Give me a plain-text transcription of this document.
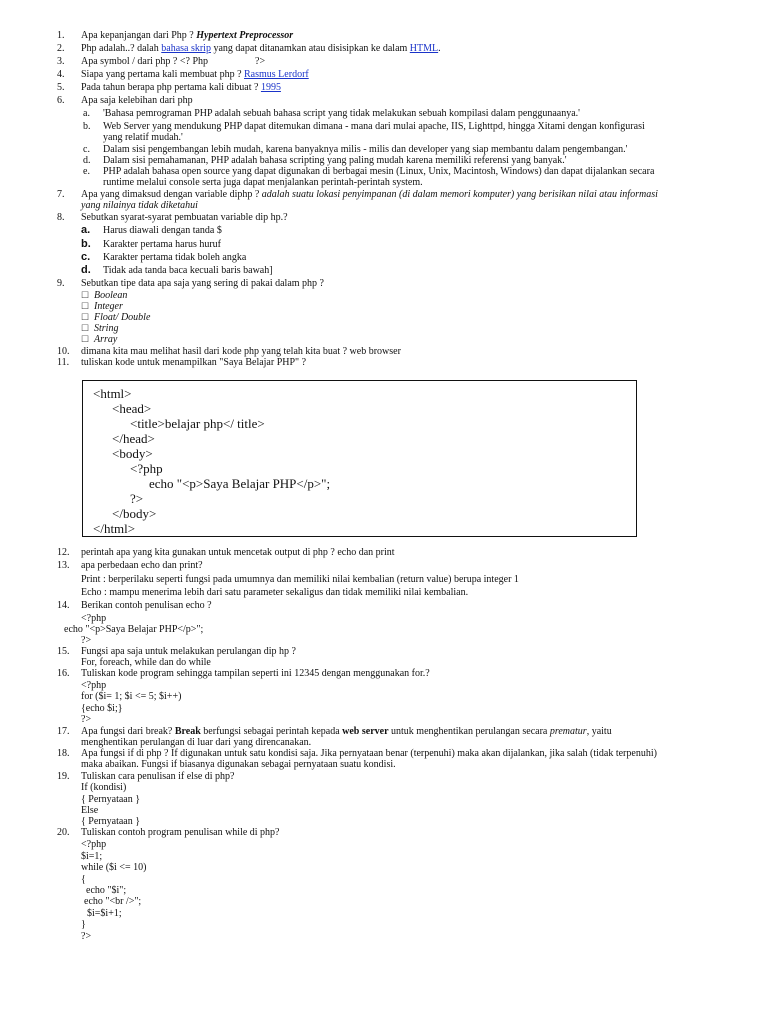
1.	Apa kepanjangan dari Php ? Hypertext Preprocessor
2.	Php adalah..? dalah bahasa skrip yang dapat ditanamkan atau disisipkan ke dalam HTML.
3.	Apa symbol / dari php ? <? Php	?>
4.	Siapa yang pertama kali membuat php ? Rasmus Lerdorf
5.	Pada tahun berapa php pertama kali dibuat ? 1995
6.	Apa saja kelebihan dari php
a.	'Bahasa pemrograman PHP adalah sebuah bahasa script yang tidak melakukan sebuah kompilasi dalam penggunaanya.'
b.	Web Server yang mendukung PHP dapat ditemukan dimana - mana dari mulai apache, IIS, Lighttpd, hingga Xitami dengan konfigurasi
yang relatif mudah.'
c.	Dalam sisi pengembangan lebih mudah, karena banyaknya milis - milis dan developer yang siap membantu dalam pengembangan.'
d.	Dalam sisi pemahamanan, PHP adalah bahasa scripting yang paling mudah karena memiliki referensi yang banyak.'
e.	PHP adalah bahasa open source yang dapat digunakan di berbagai mesin (Linux, Unix, Macintosh, Windows) dan dapat dijalankan secara
runtime melalui console serta juga dapat menjalankan perintah-perintah system.
7.	Apa yang dimaksud dengan variable diphp ? adalah suatu lokasi penyimpanan (di dalam memori komputer) yang berisikan nilai atau informasi
yang nilainya tidak diketahui
8.	Sebutkan syarat-syarat pembuatan variable dip hp.?
a.	Harus diawali dengan tanda $
b.	Karakter pertama harus huruf
c.	Karakter pertama tidak boleh angka
d.	Tidak ada tanda baca kecuali baris bawah]
9.	Sebutkan tipe data apa saja yang sering di pakai dalam php ?
☐ Boolean
☐ Integer
☐ Float/ Double
☐ String
☐ Array
10.	dimana kita mau melihat hasil dari kode php yang telah kita buat ? web browser
11.	tuliskan kode untuk menampilkan "Saya Belajar PHP" ?
<html>
<head>
<title>belajar php</ title>
</head>
<body>
<?php
echo "<p>Saya Belajar PHP</p>";
?>
</body>
</html>
12.	perintah apa yang kita gunakan untuk mencetak output di php ? echo dan print
13.	apa perbedaan echo dan print?
Print : berperilaku seperti fungsi pada umumnya dan memiliki nilai kembalian (return value) berupa integer 1
Echo : mampu menerima lebih dari satu parameter sekaligus dan tidak memiliki nilai kembalian.
14.	Berikan contoh penulisan echo ?
<?php
echo "<p>Saya Belajar PHP</p>";
?>
15.	Fungsi apa saja untuk melakukan perulangan dip hp ?
For, foreach, while dan do while
16.	Tuliskan kode program sehingga tampilan seperti ini 12345 dengan menggunakan for.?
<?php
for ($i= 1; $i <= 5; $i++)
{echo $i;}
?>
17.	Apa fungsi dari break? Break berfungsi sebagai perintah kepada web server untuk menghentikan perulangan secara prematur, yaitu
menghentikan perulangan di luar dari yang direncanakan.
18.	Apa fungsi if di php ? If digunakan untuk satu kondisi saja. Jika pernyataan benar (terpenuhi) maka akan dijalankan, jika salah (tidak terpenuhi)
maka abaikan. Fungsi if biasanya digunakan sebagai pernyataan suatu kondisi.
19.	Tuliskan cara penulisan if else di php?
If (kondisi)
{ Pernyataan }
Else
{ Pernyataan }
20.	Tuliskan contoh program penulisan while di php?
<?php
$i=1;
while ($i <= 10)
{
echo "$i";
echo "<br />";
$i=$i+1;
}
?>
